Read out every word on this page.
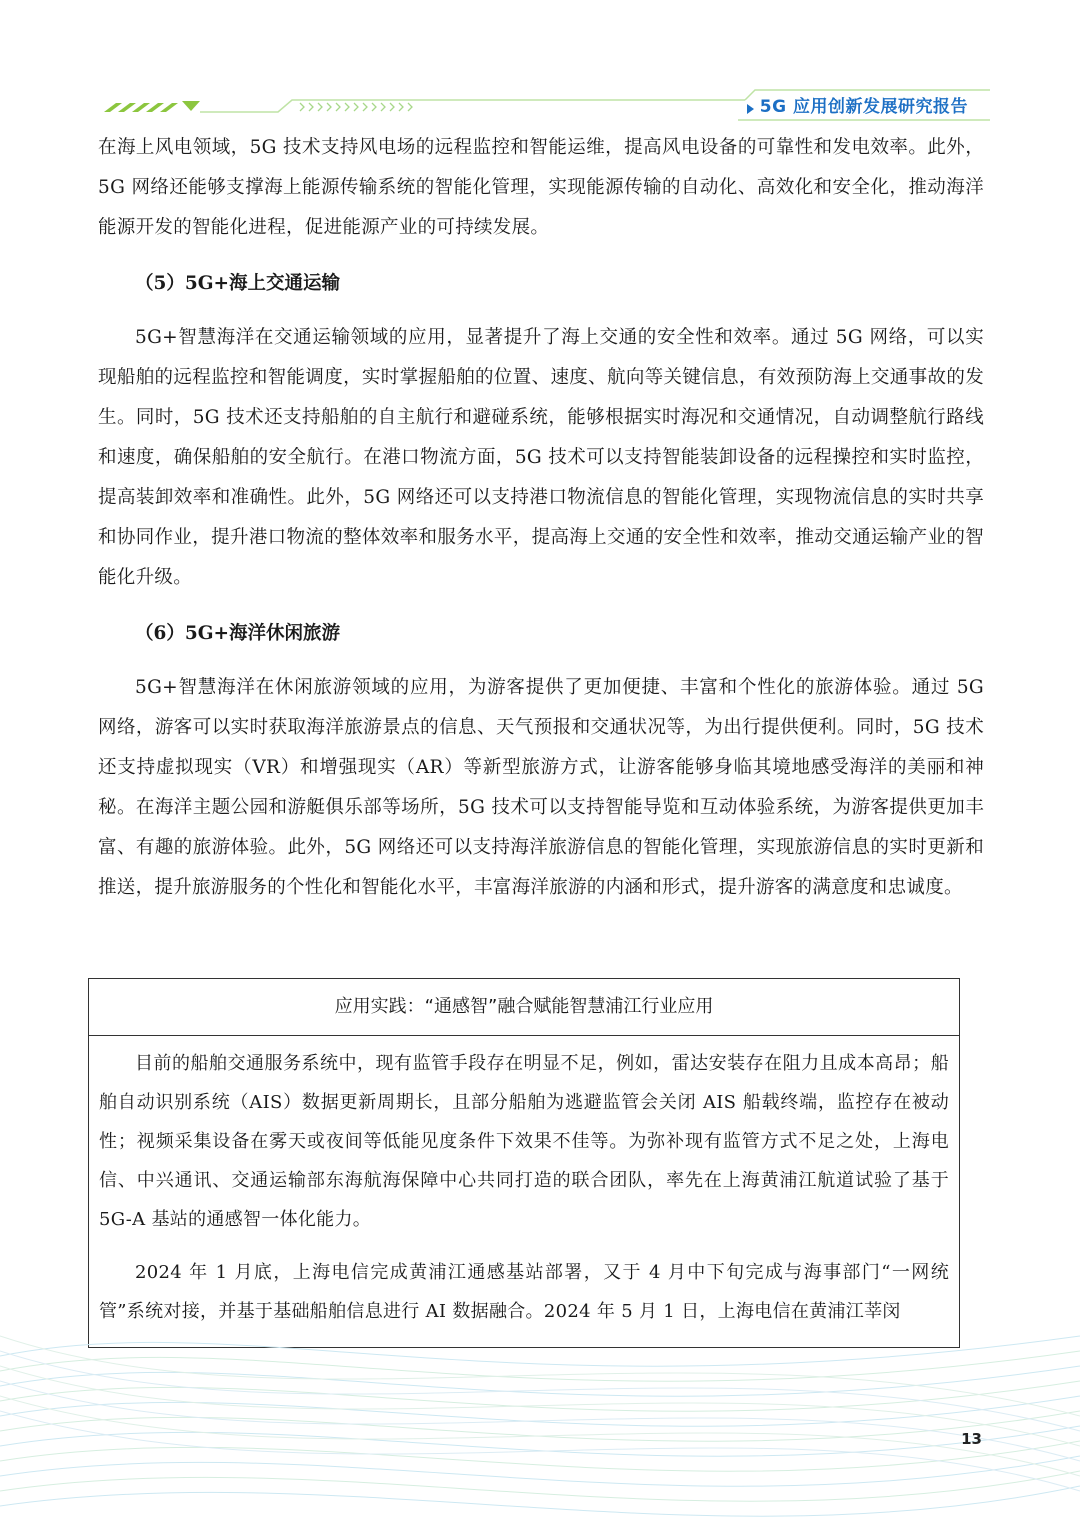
5G 应用创新发展研究报告

在海上风电领域，5G 技术支持风电场的远程监控和智能运维，提高风电设备的可靠性和发电效率。此外，5G 网络还能够支撑海上能源传输系统的智能化管理，实现能源传输的自动化、高效化和安全化，推动海洋能源开发的智能化进程，促进能源产业的可持续发展。

（5）5G+海上交通运输

5G+智慧海洋在交通运输领域的应用，显著提升了海上交通的安全性和效率。通过 5G 网络，可以实现船舶的远程监控和智能调度，实时掌握船舶的位置、速度、航向等关键信息，有效预防海上交通事故的发生。同时，5G 技术还支持船舶的自主航行和避碰系统，能够根据实时海况和交通情况，自动调整航行路线和速度，确保船舶的安全航行。在港口物流方面，5G 技术可以支持智能装卸设备的远程操控和实时监控，提高装卸效率和准确性。此外，5G 网络还可以支持港口物流信息的智能化管理，实现物流信息的实时共享和协同作业，提升港口物流的整体效率和服务水平，提高海上交通的安全性和效率，推动交通运输产业的智能化升级。

（6）5G+海洋休闲旅游

5G+智慧海洋在休闲旅游领域的应用，为游客提供了更加便捷、丰富和个性化的旅游体验。通过 5G 网络，游客可以实时获取海洋旅游景点的信息、天气预报和交通状况等，为出行提供便利。同时，5G 技术还支持虚拟现实（VR）和增强现实（AR）等新型旅游方式，让游客能够身临其境地感受海洋的美丽和神秘。在海洋主题公园和游艇俱乐部等场所，5G 技术可以支持智能导览和互动体验系统，为游客提供更加丰富、有趣的旅游体验。此外，5G 网络还可以支持海洋旅游信息的智能化管理，实现旅游信息的实时更新和推送，提升旅游服务的个性化和智能化水平，丰富海洋旅游的内涵和形式，提升游客的满意度和忠诚度。

应用实践：“通感智”融合赋能智慧浦江行业应用

目前的船舶交通服务系统中，现有监管手段存在明显不足，例如，雷达安装存在阻力且成本高昂；船舶自动识别系统（AIS）数据更新周期长，且部分船舶为逃避监管会关闭 AIS 船载终端，监控存在被动性；视频采集设备在雾天或夜间等低能见度条件下效果不佳等。为弥补现有监管方式不足之处，上海电信、中兴通讯、交通运输部东海航海保障中心共同打造的联合团队，率先在上海黄浦江航道试验了基于 5G-A 基站的通感智一体化能力。

2024 年 1 月底，上海电信完成黄浦江通感基站部署，又于 4 月中下旬完成与海事部门“一网统管”系统对接，并基于基础船舶信息进行 AI 数据融合。2024 年 5 月 1 日，上海电信在黄浦江莘闵

13
